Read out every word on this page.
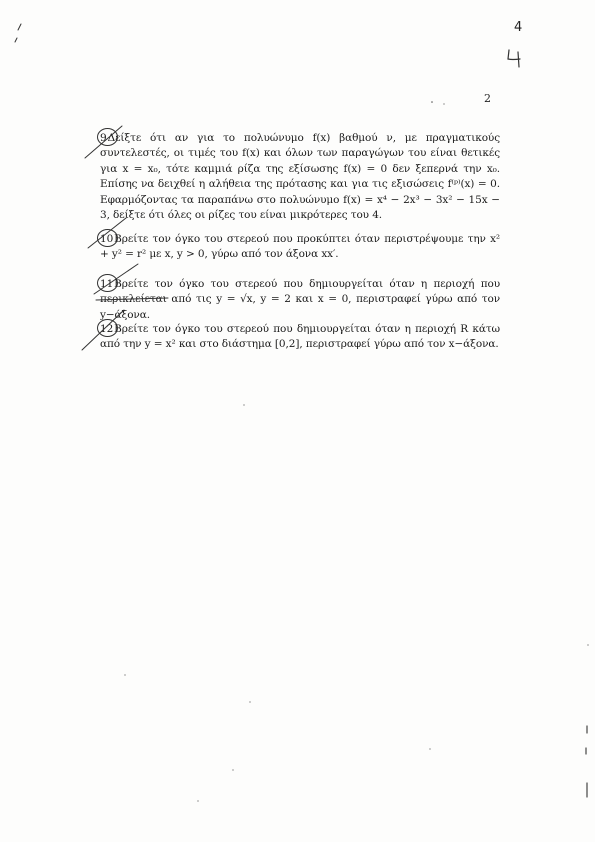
4
2
9Δείξτε ότι αν για το πολυώνυμο f(x) βαθμού ν, με πραγματικούς συντελεστές, οι τιμές του f(x) και όλων των παραγώγων του είναι θετικές για x = x₀, τότε καμμιά ρίζα της εξίσωσης f(x) = 0 δεν ξεπερνά την x₀. Επίσης να δειχθεί η αλήθεια της πρότασης και για τις εξισώσεις f⁽ᵖ⁾(x) = 0. Εφαρμόζοντας τα παραπάνω στο πολυώνυμο f(x) = x⁴ − 2x³ − 3x² − 15x − 3, δείξτε ότι όλες οι ρίζες του είναι μικρότερες του 4.
10Βρείτε τον όγκο του στερεού που προκύπτει όταν περιστρέψουμε την x² + y² = r² με x, y > 0, γύρω από τον άξονα xx′.
11Βρείτε τον όγκο του στερεού που δημιουργείται όταν η περιοχή που περικλείεται από τις y = √x, y = 2 και x = 0, περιστραφεί γύρω από τον y−άξονα.
12Βρείτε τον όγκο του στερεού που δημιουργείται όταν η περιοχή R κάτω από την y = x² και στο διάστημα [0,2], περιστραφεί γύρω από τον x−άξονα.
